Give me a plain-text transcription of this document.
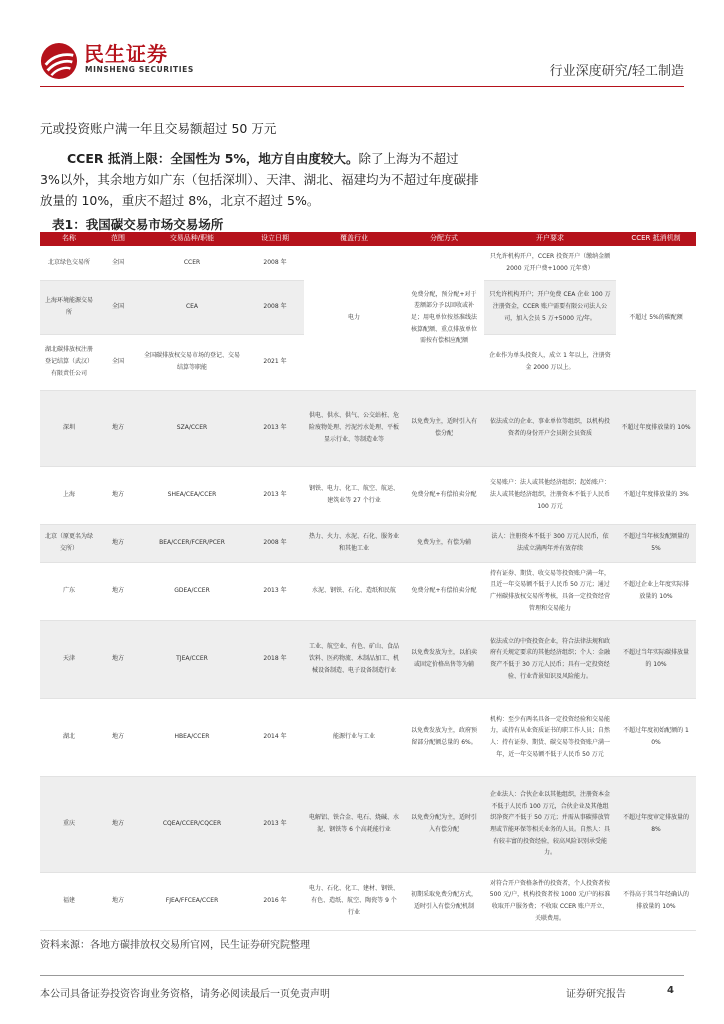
民生证券
MINSHENG SECURITIES	行业深度研究/轻工制造
元或投资账户满一年且交易额超过 50 万元
CCER 抵消上限：全国性为 5%，地方自由度较大。除了上海为不超过 3%以外，其余地方如广东（包括深圳）、天津、湖北、福建均为不超过年度碳排放量的 10%，重庆不超过 8%，北京不超过 5%。
表1：我国碳交易市场交易场所
名称	范围	交易品种/职能	设立日期	覆盖行业	分配方式	开户要求	CCER 抵消机制
北京绿色交易所	全国	CCER	2008 年	电力	免费分配，预分配+对于差额部分予以回收或补足；用电单位按基准线法核算配额、重点排放单位需按有偿相应配额	只允许机构开户，CCER 投资开户（缴纳金额 2000 元开户费+1000 元年费）	不超过 5%的碳配额
上海环境能源交易所	全国	CEA	2008 年			只允许机构开户；开户免费 CEA 企业 100 万注册资金，CCER 账户需要有限公司法人公司，加入会员 5 万+5000 元/年。	
湖北碳排放权注册登记结算（武汉）有限责任公司	全国	全国碳排放权交易市场的登记、交易结算等职能	2021 年			企业作为单头投资人，成立 1 年以上，注册资金 2000 万以上。	
深圳	地方	SZA/CCER	2013 年	供电、供水、供气、公交站桩、危险废物处理、污泥污水处理、平板显示行业、等制造业等	以免费为主，适时引入有偿分配	依法成立的企业、事业单位等组织，以机构投资者的身份开户会员附会员资质	不超过年度排放量的 10%
上海	地方	SHEA/CEA/CCER	2013 年	钢铁、电力、化工、航空、航运、建筑业等 27 个行业	免费分配+有偿拍卖分配	交易账户：法人或其他经济组织；起始账户：法人或其他经济组织，注册资本不低于人民币 100 万元	不超过年度排放量的 3%
北京（原更名为绿交所）	地方	BEA/CCER/FCER/PCER	2008 年	热力、火力、水泥、石化、服务业和其他工业	免费为主，有偿为辅	法人：注册资本不低于 300 万元人民币，依法成立满两年并有效存续	不超过当年核发配额量的 5%
广东	地方	GDEA/CCER	2013 年	水泥、钢铁、石化、造纸和民航	免费分配+有偿拍卖分配	持有证券、期货、收交易等投资账户满一年，且近一年交易额不低于人民币 50 万元；通过广州碳排放权交易所考核，具备一定投资经营管理和交易能力	不超过企业上年度实际排放量的 10%
天津	地方	TJEA/CCER	2018 年	工业、航空业、有色、矿山、食品饮料、医药物流、木制品加工、机械设备制造、电子设备制造行业	以免费发放为主，以拍卖或固定价格出售等为辅	依法成立的中资投资企业，符合法律法规和政府有关规定要求的其他经济组织；个人：金融资产不低于 30 万元人民币；具有一定投资经验、行业背景知识及风险能力。	不超过当年实际碳排放量的 10%
湖北	地方	HBEA/CCER	2014 年	能源行业与工业	以免费发放为主，政府预留部分配额总量的 6%。	机构：至少有两名具备一定投资经验和交易能力，或持有从业资质证书的职工作人员；自然人：持有证券、期货、碳交易等投资账户满一年，近一年交易额不低于人民币 50 万元	不超过年度初始配额的 10%
重庆	地方	CQEA/CCER/CQCER	2013 年	电解铝、铁合金、电石、烧碱、水泥、钢铁等 6 个高耗能行业	以免费分配为主，适时引入有偿分配	企业法人：合伙企业以其他组织，注册资本金不低于人民币 100 万元，合伙企业及其他组织净资产不低于 50 万元；并需从事碳排放管理或节能环保等相关业务的人员。自然人：具有较丰富的投资经验，较高风险识别承受能力。	不超过年度审定排放量的 8%
福建	地方	FJEA/FFCEA/CCER	2016 年	电力、石化、化工、建材、钢铁、有色、造纸、航空、陶瓷等 9 个行业	初期采取免费分配方式，适时引入有偿分配机制	对符合开户资格条件的投资者，个人投资者按 500 元/户，机构投资者按 1000 元/户的标准收取开户服务费；不收取 CCER 账户开立、关联费用。	不得高于其当年经确认的排放量的 10%
资料来源：各地方碳排放权交易所官网，民生证券研究院整理
本公司具备证券投资咨询业务资格，请务必阅读最后一页免责声明	证券研究报告	4
